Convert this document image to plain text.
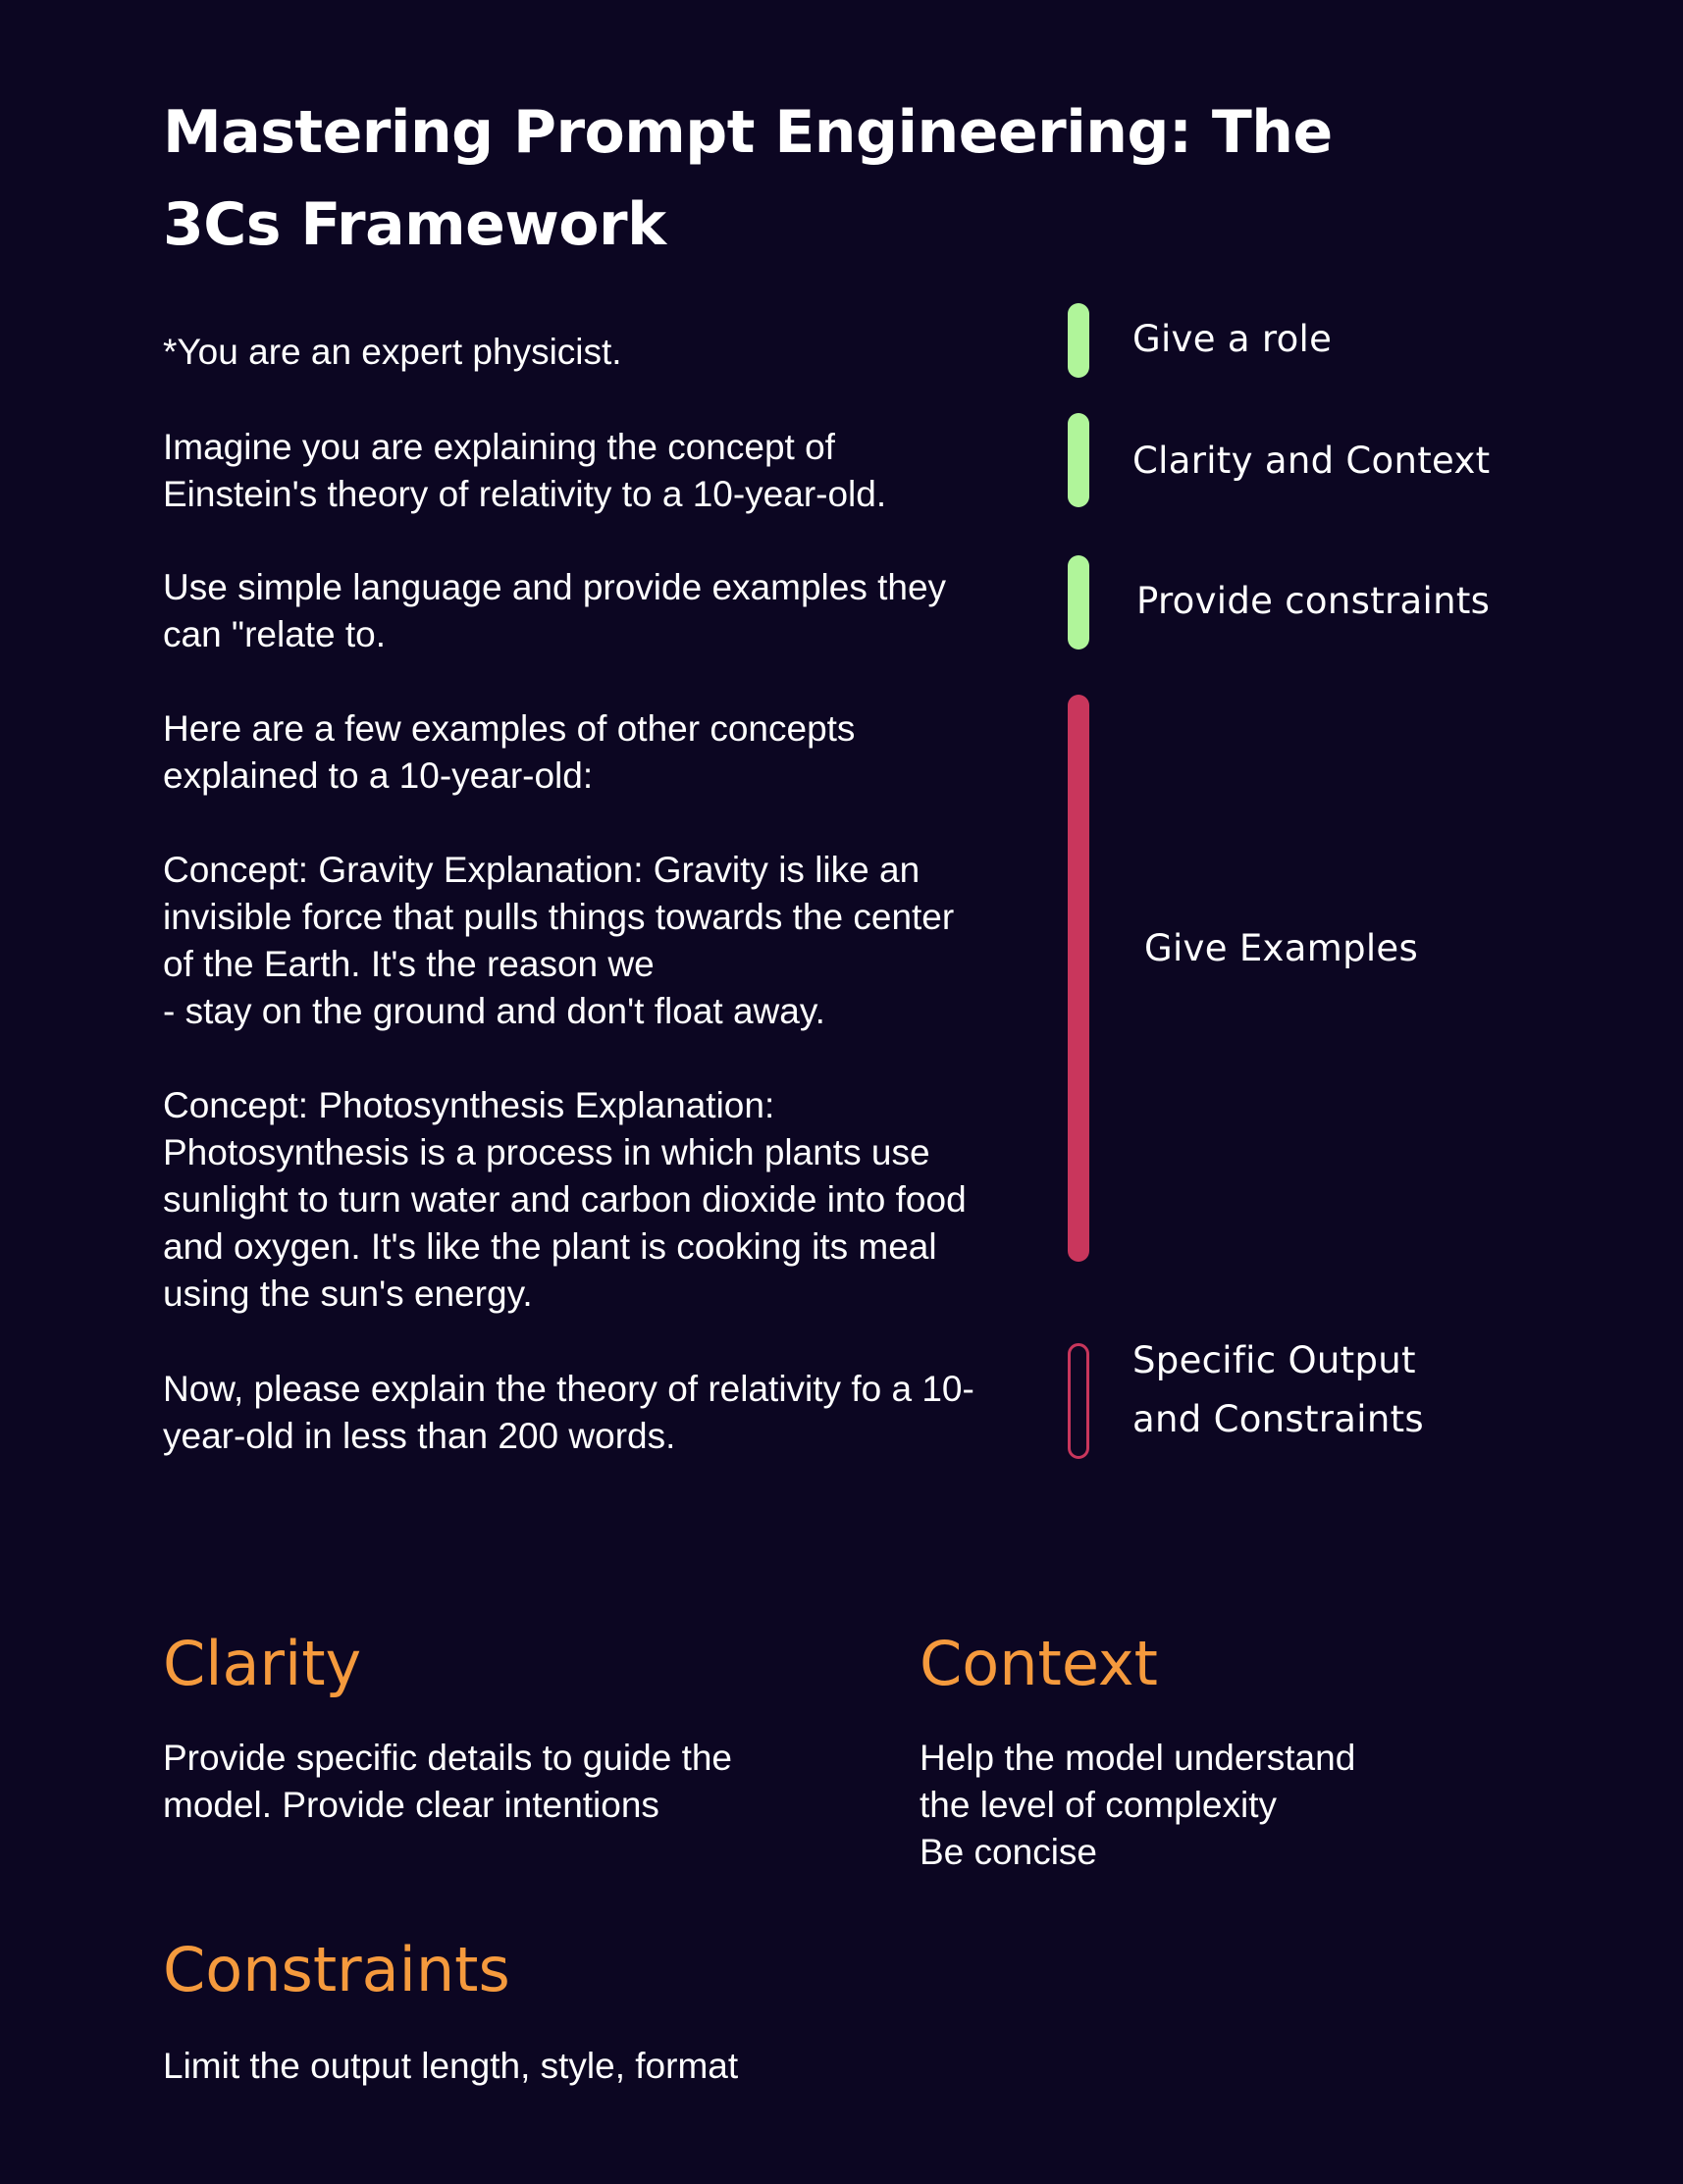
Mastering Prompt Engineering: The
3Cs Framework
*You are an expert physicist.
Imagine you are explaining the concept of
Einstein's theory of relativity to a 10-year-old.
Use simple language and provide examples they
can "relate to.
Here are a few examples of other concepts
explained to a 10-year-old:
Concept: Gravity Explanation: Gravity is like an
invisible force that pulls things towards the center
of the Earth. It's the reason we
- stay on the ground and don't float away.
Concept: Photosynthesis Explanation:
Photosynthesis is a process in which plants use
sunlight to turn water and carbon dioxide into food
and oxygen. It's like the plant is cooking its meal
using the sun's energy.
Now, please explain the theory of relativity fo a 10-
year-old in less than 200 words.
Give a role
Clarity and Context
Provide constraints
Give Examples
Specific Output
and Constraints
Clarity
Provide specific details to guide the
model. Provide clear intentions
Context
Help the model understand
the level of complexity
Be concise
Constraints
Limit the output length, style, format
